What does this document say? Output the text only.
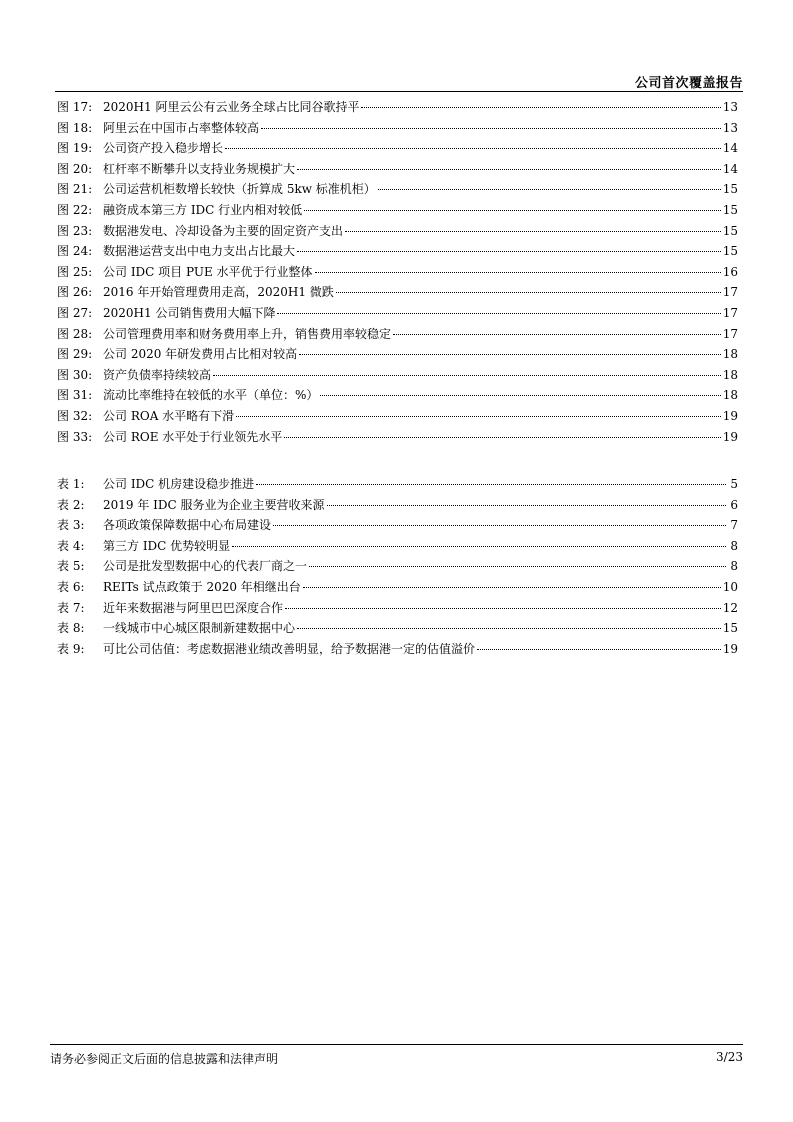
公司首次覆盖报告
图 17: 2020H1 阿里云公有云业务全球占比同谷歌持平	13
图 18: 阿里云在中国市占率整体较高	13
图 19: 公司资产投入稳步增长	14
图 20: 杠杆率不断攀升以支持业务规模扩大	14
图 21: 公司运营机柜数增长较快（折算成 5kw 标准机柜）	15
图 22: 融资成本第三方 IDC 行业内相对较低	15
图 23: 数据港发电、冷却设备为主要的固定资产支出	15
图 24: 数据港运营支出中电力支出占比最大	15
图 25: 公司 IDC 项目 PUE 水平优于行业整体	16
图 26: 2016 年开始管理费用走高，2020H1 微跌	17
图 27: 2020H1 公司销售费用大幅下降	17
图 28: 公司管理费用率和财务费用率上升，销售费用率较稳定	17
图 29: 公司 2020 年研发费用占比相对较高	18
图 30: 资产负债率持续较高	18
图 31: 流动比率维持在较低的水平（单位：%）	18
图 32: 公司 ROA 水平略有下滑	19
图 33: 公司 ROE 水平处于行业领先水平	19
表 1:	公司 IDC 机房建设稳步推进	5
表 2:	2019 年 IDC 服务业为企业主要营收来源	6
表 3:	各项政策保障数据中心布局建设	7
表 4:	第三方 IDC 优势较明显	8
表 5:	公司是批发型数据中心的代表厂商之一	8
表 6:	REITs 试点政策于 2020 年相继出台	10
表 7:	近年来数据港与阿里巴巴深度合作	12
表 8:	一线城市中心城区限制新建数据中心	15
表 9:	可比公司估值：考虑数据港业绩改善明显，给予数据港一定的估值溢价	19
请务必参阅正文后面的信息披露和法律声明	3/23
